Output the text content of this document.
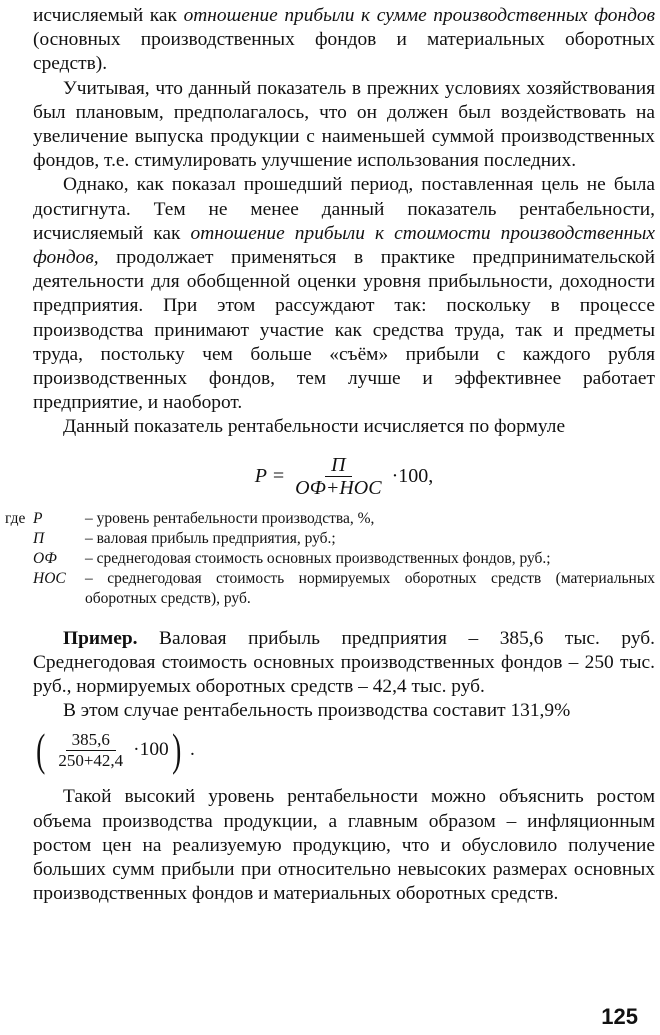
исчисляемый как отношение прибыли к сумме производственных фондов (основных производственных фондов и материальных оборотных средств).

Учитывая, что данный показатель в прежних условиях хозяйствования был плановым, предполагалось, что он должен был воздействовать на увеличение выпуска продукции с наименьшей суммой производственных фондов, т.е. стимулировать улучшение использования последних.

Однако, как показал прошедший период, поставленная цель не была достигнута. Тем не менее данный показатель рентабельности, исчисляемый как отношение прибыли к стоимости производственных фондов, продолжает применяться в практике предпринимательской деятельности для обобщенной оценки уровня прибыльности, доходности предприятия. При этом рассуждают так: поскольку в процессе производства принимают участие как средства труда, так и предметы труда, постольку чем больше «съём» прибыли с каждого рубля производственных фондов, тем лучше и эффективнее работает предприятие, и наоборот.

Данный показатель рентабельности исчисляется по формуле

$P = \frac{П}{\text{ОФ+НОС}} \cdot 100$,
где P	– уровень рентабельности производства, %,
П	– валовая прибыль предприятия, руб.;
ОФ	– среднегодовая стоимость основных производственных фондов, руб.;
НОС	– среднегодовая стоимость нормируемых оборотных средств (материальных оборотных средств), руб.

Пример. Валовая прибыль предприятия – 385,6 тыс. руб. Среднегодовая стоимость основных производственных фондов – 250 тыс. руб., нормируемых оборотных средств – 42,4 тыс. руб.

В этом случае рентабельность производства составит 131,9%

( $\frac{385,6}{250+42,4} \cdot 100$ ) .

Такой высокий уровень рентабельности можно объяснить ростом объема производства продукции, а главным образом – инфляционным ростом цен на реализуемую продукцию, что и обусловило получение больших сумм прибыли при относительно невысоких размерах основных производственных фондов и материальных оборотных средств.

125
